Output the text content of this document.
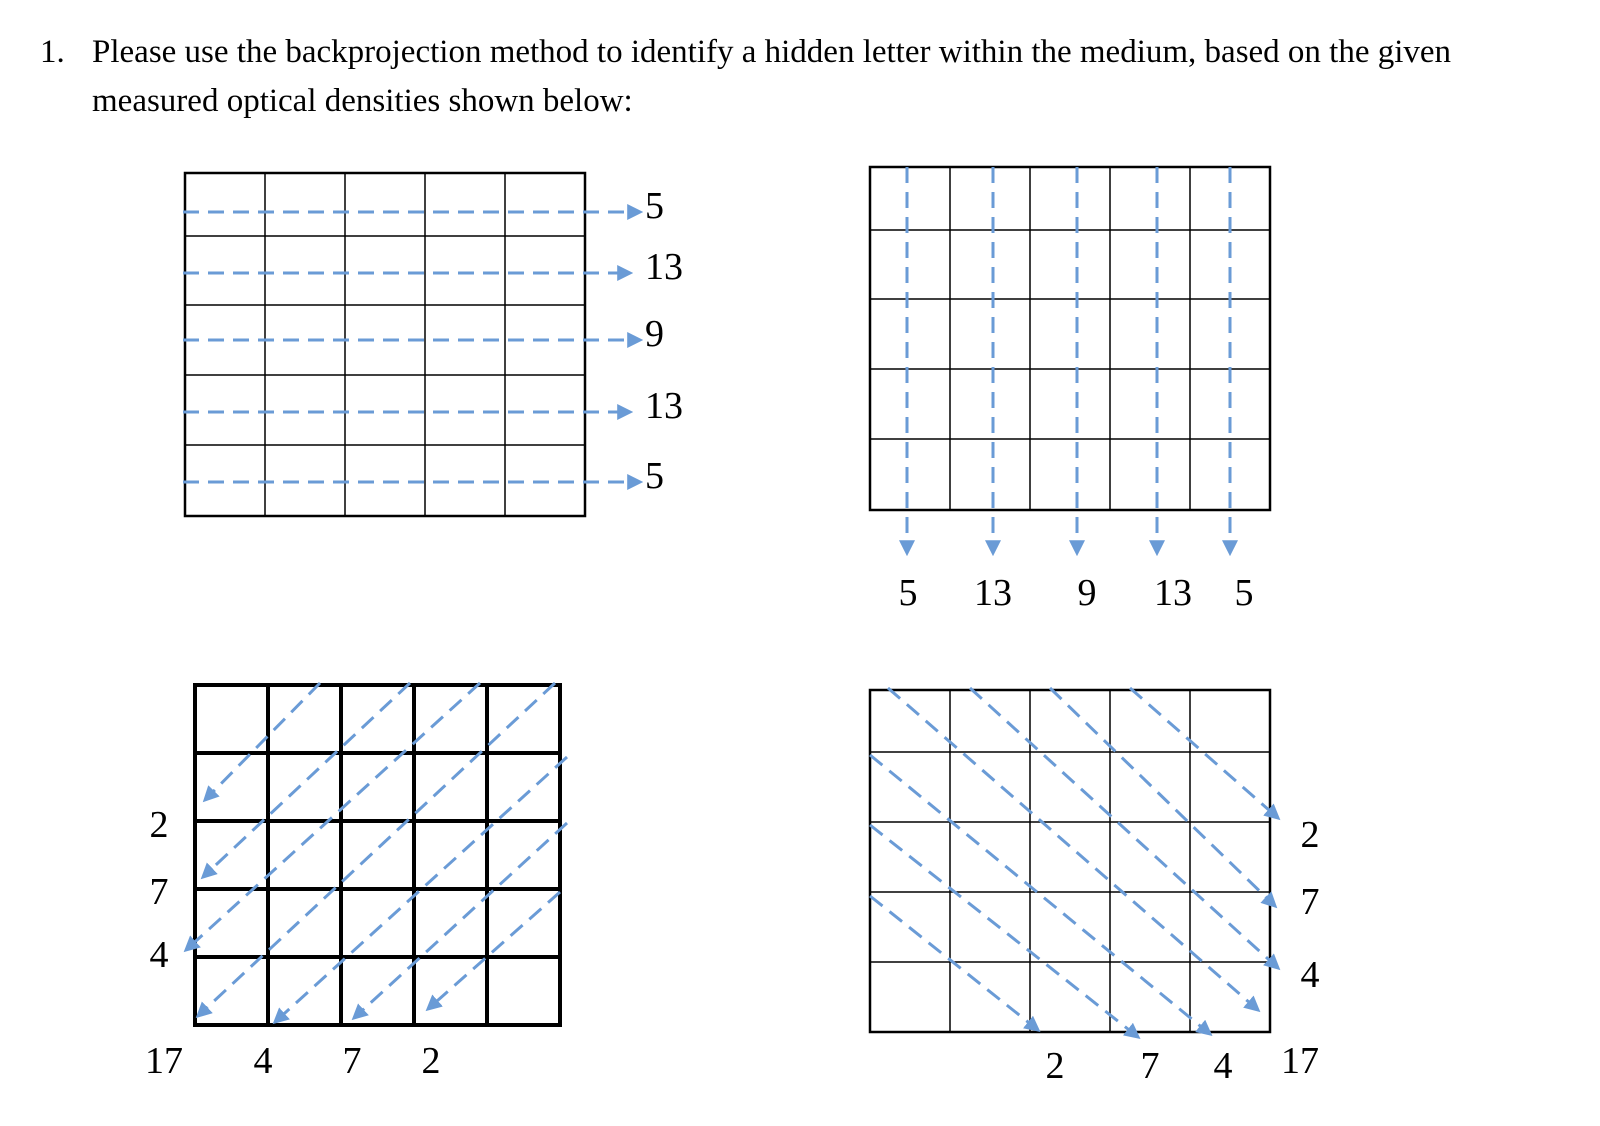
1. Please use the backprojection method to identify a hidden letter within the medium, based on the given measured optical densities shown below:
5
13
9
13
5
5 13 9 13 5
2
7
4
17 4 7 2
2
7
4
2 7 4 17
